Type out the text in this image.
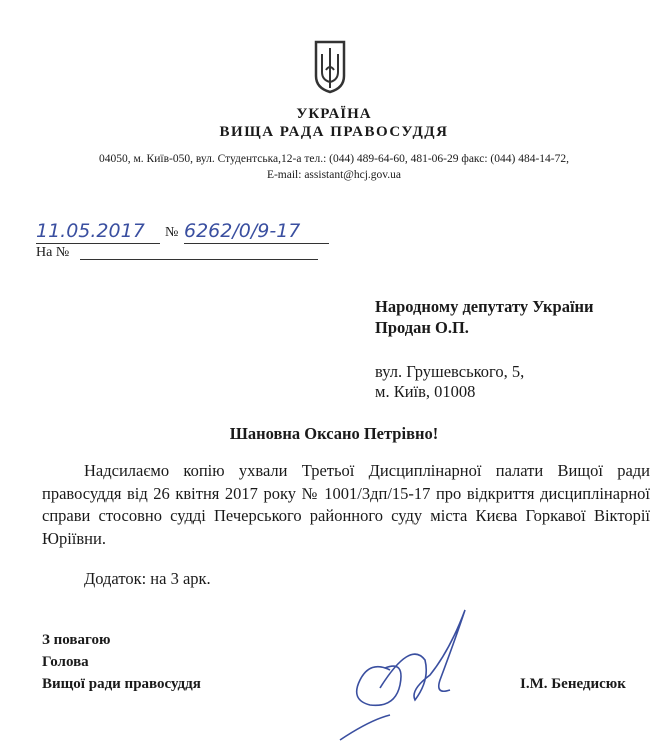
УКРАЇНА
ВИЩА РАДА ПРАВОСУДДЯ
04050, м. Київ-050, вул. Студентська,12-а тел.: (044) 489-64-60, 481-06-29 факс: (044) 484-14-72,
E-mail: assistant@hcj.gov.ua
11.05.2017	№ 6262/0/9-17
На №
Народному депутату України
Продан О.П.
вул. Грушевського, 5,
м. Київ, 01008
Шановна Оксано Петрівно!
Надсилаємо копію ухвали Третьої Дисциплінарної палати Вищої ради правосуддя від 26 квітня 2017 року № 1001/3дп/15-17 про відкриття дисциплінарної справи стосовно судді Печерського районного суду міста Києва Горкавої Вікторії Юріївни.
Додаток: на 3 арк.
З повагою
Голова
Вищої ради правосуддя	І.М. Бенедисюк
